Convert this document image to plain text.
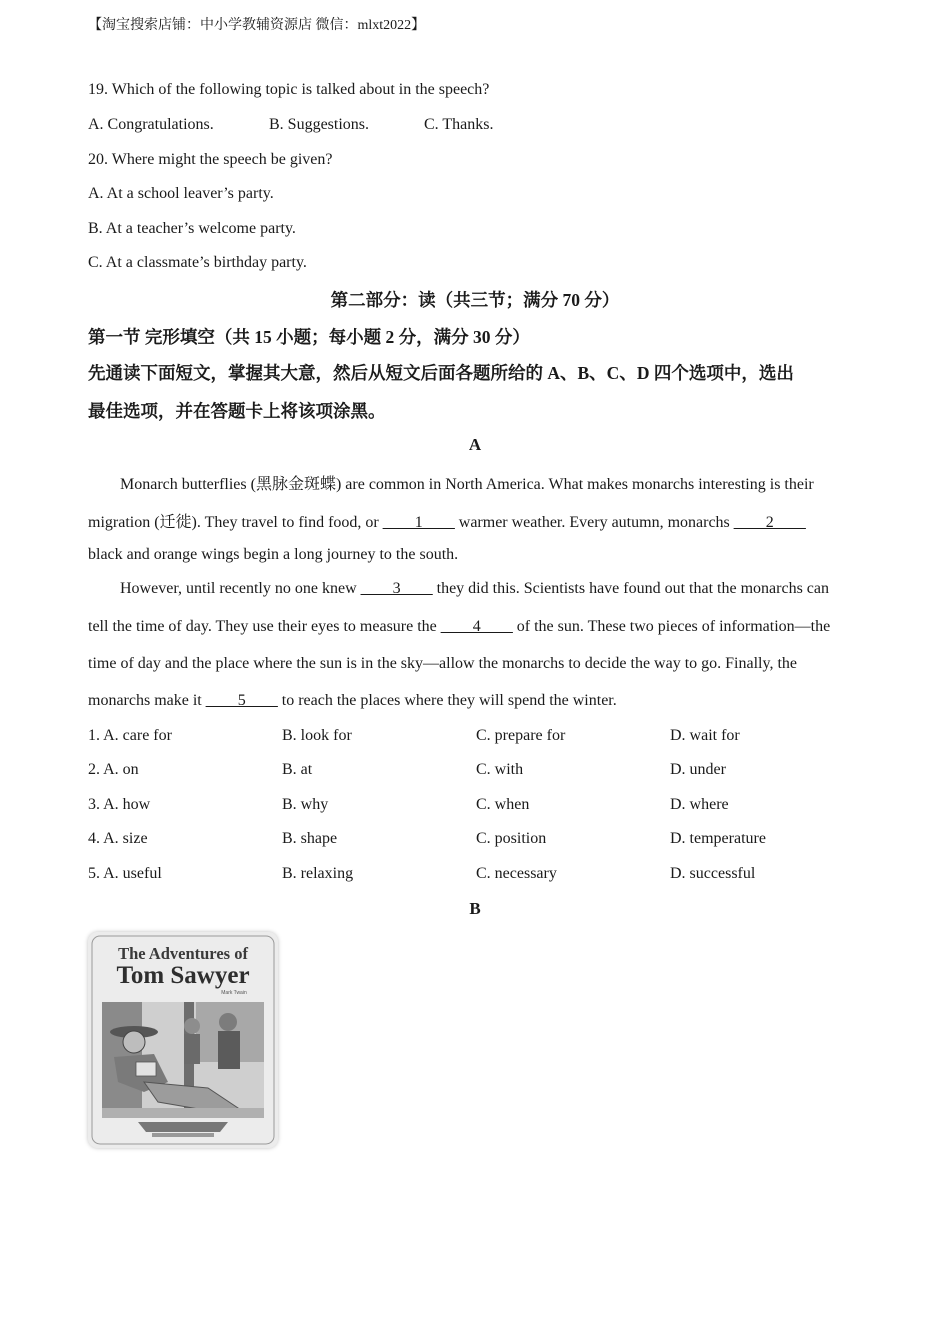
【淘宝搜索店铺：中小学教辅资源店 微信：mlxt2022】
19. Which of the following topic is talked about in the speech?
A. Congratulations.	B. Suggestions.	C. Thanks.
20. Where might the speech be given?
A. At a school leaver’s party.
B. At a teacher’s welcome party.
C. At a classmate’s birthday party.
第二部分：读（共三节；满分 70 分）
第一节 完形填空（共 15 小题；每小题 2 分，满分 30 分）
先通读下面短文，掌握其大意，然后从短文后面各题所给的 A、B、C、D 四个选项中，选出
最佳选项，并在答题卡上将该项涂黑。
A
Monarch butterflies (黑脉金斑蝶) are common in North America. What makes monarchs interesting is their
migration (迁徙). They travel to find food, or ____1____ warmer weather. Every autumn, monarchs ____2____
black and orange wings begin a long journey to the south.
However, until recently no one knew ____3____ they did this. Scientists have found out that the monarchs can
tell the time of day. They use their eyes to measure the ____4____ of the sun. These two pieces of information—the
time of day and the place where the sun is in the sky—allow the monarchs to decide the way to go. Finally, the
monarchs make it ____5____ to reach the places where they will spend the winter.
1. A. care for	B. look for	C. prepare for	D. wait for
2. A. on	B. at	C. with	D. under
3. A. how	B. why	C. when	D. where
4. A. size	B. shape	C. position	D. temperature
5. A. useful	B. relaxing	C. necessary	D. successful
B
The Adventures of
Tom Sawyer
Mark Twain
